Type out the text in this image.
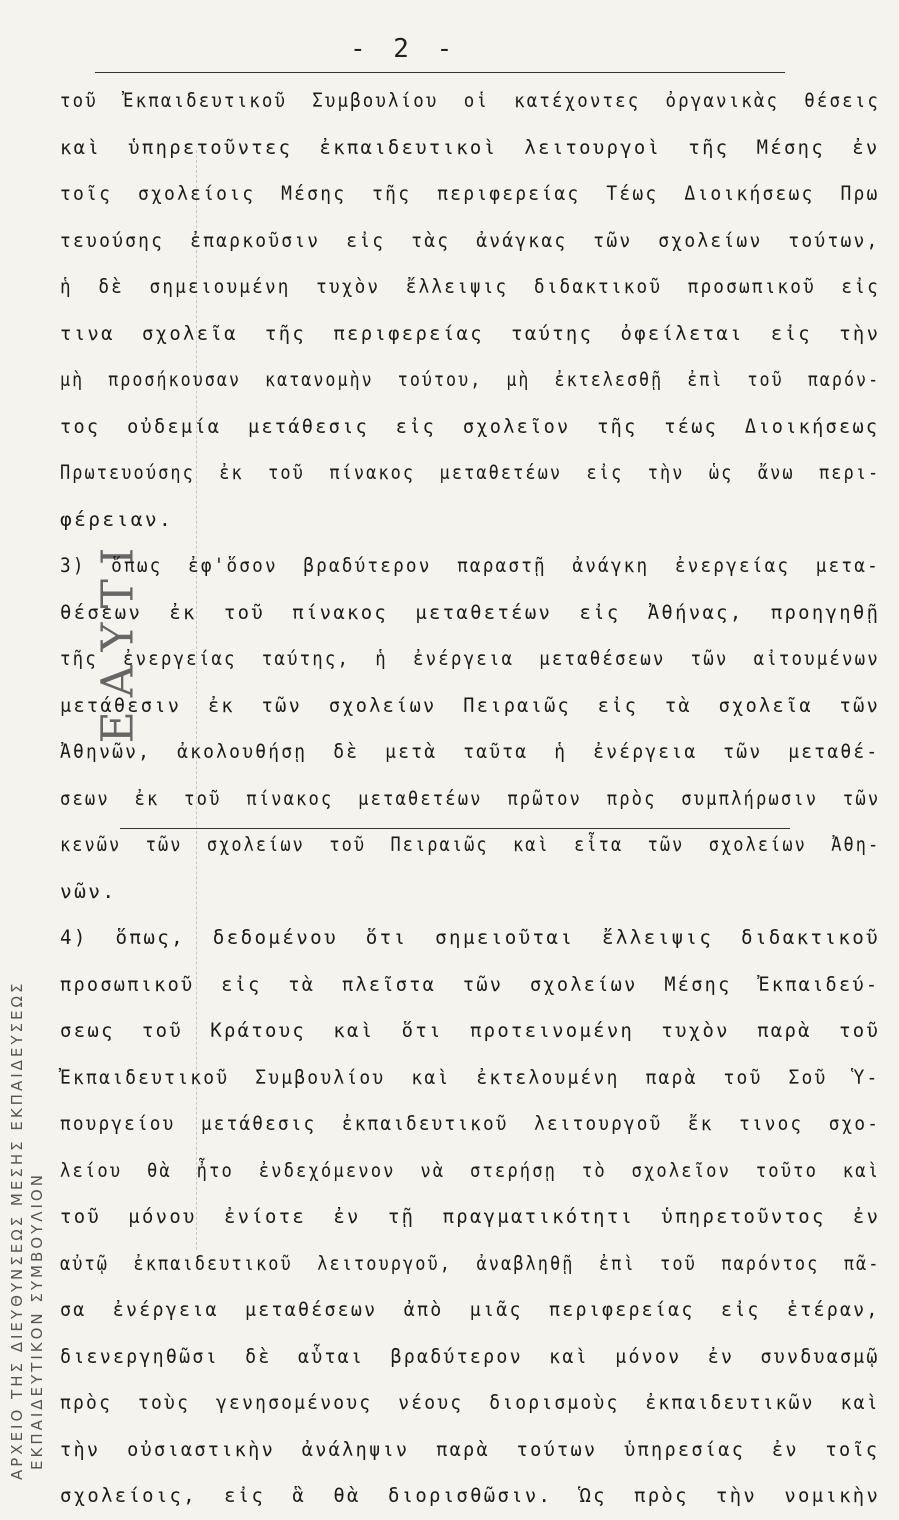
ΑΡΧΕΙΟ ΤΗΣ ΔΙΕΥΘΥΝΣΕΩΣ ΜΕΣΗΣ ΕΚΠΑΙΔΕΥΣΕΩΣ ΕΚΠΑΙΔΕΥΤΙΚΟΝ ΣΥΜΒΟΥΛΙΟΝ
Ε Α Υ Τ Ι
- 2 -
τοῦ Ἐκπαιδευτικοῦ Συμβουλίου οἱ κατέχοντες ὀργανικὰς θέσεις
καὶ ὑπηρετοῦντες ἐκπαιδευτικοὶ λειτουργοὶ τῆς Μέσης ἐν
τοῖς σχολείοις Μέσης τῆς περιφερείας Τέως Διοικήσεως Πρω
τευούσης ἐπαρκοῦσιν εἰς τὰς ἀνάγκας τῶν σχολείων τούτων,
ἡ δὲ σημειουμένη τυχὸν ἔλλειψις διδακτικοῦ προσωπικοῦ εἰς
τινα σχολεῖα τῆς περιφερείας ταύτης ὀφείλεται εἰς τὴν
μὴ προσήκουσαν κατανομὴν τούτου, μὴ ἐκτελεσθῇ ἐπὶ τοῦ παρόν-
τος οὐδεμία μετάθεσις εἰς σχολεῖον τῆς τέως Διοικήσεως
Πρωτευούσης ἐκ τοῦ πίνακος μεταθετέων εἰς τὴν ὡς ἄνω περι-
φέρειαν.
3) ὅπως ἐφ'ὅσον βραδύτερον παραστῇ ἀνάγκη ἐνεργείας μετα-
θέσεων ἐκ τοῦ πίνακος μεταθετέων εἰς Ἀθήνας, προηγηθῇ
τῆς ἐνεργείας ταύτης, ἡ ἐνέργεια μεταθέσεων τῶν αἰτουμένων
μετάθεσιν ἐκ τῶν σχολείων Πειραιῶς εἰς τὰ σχολεῖα τῶν
Ἀθηνῶν, ἀκολουθήσῃ δὲ μετὰ ταῦτα ἡ ἐνέργεια τῶν μεταθέ-
σεων ἐκ τοῦ πίνακος μεταθετέων πρῶτον πρὸς συμπλήρωσιν τῶν
κενῶν τῶν σχολείων τοῦ Πειραιῶς καὶ εἶτα τῶν σχολείων Ἀθη-
νῶν.
4) ὅπως, δεδομένου ὅτι σημειοῦται ἔλλειψις διδακτικοῦ
προσωπικοῦ εἰς τὰ πλεῖστα τῶν σχολείων Μέσης Ἐκπαιδεύ-
σεως τοῦ Κράτους καὶ ὅτι προτεινομένη τυχὸν παρὰ τοῦ
Ἐκπαιδευτικοῦ Συμβουλίου καὶ ἐκτελουμένη παρὰ τοῦ Σοῦ Ὑ-
πουργείου μετάθεσις ἐκπαιδευτικοῦ λειτουργοῦ ἔκ τινος σχο-
λείου θὰ ἦτο ἐνδεχόμενον νὰ στερήσῃ τὸ σχολεῖον τοῦτο καὶ
τοῦ μόνου ἐνίοτε ἐν τῇ πραγματικότητι ὑπηρετοῦντος ἐν
αὐτῷ ἐκπαιδευτικοῦ λειτουργοῦ, ἀναβληθῇ ἐπὶ τοῦ παρόντος πᾶ-
σα ἐνέργεια μεταθέσεων ἀπὸ μιᾶς περιφερείας εἰς ἑτέραν,
διενεργηθῶσι δὲ αὗται βραδύτερον καὶ μόνον ἐν συνδυασμῷ
πρὸς τοὺς γενησομένους νέους διορισμοὺς ἐκπαιδευτικῶν καὶ
τὴν οὐσιαστικὴν ἀνάληψιν παρὰ τούτων ὑπηρεσίας ἐν τοῖς
σχολείοις, εἰς ἃ θὰ διορισθῶσιν. Ὡς πρὸς τὴν νομικὴν
